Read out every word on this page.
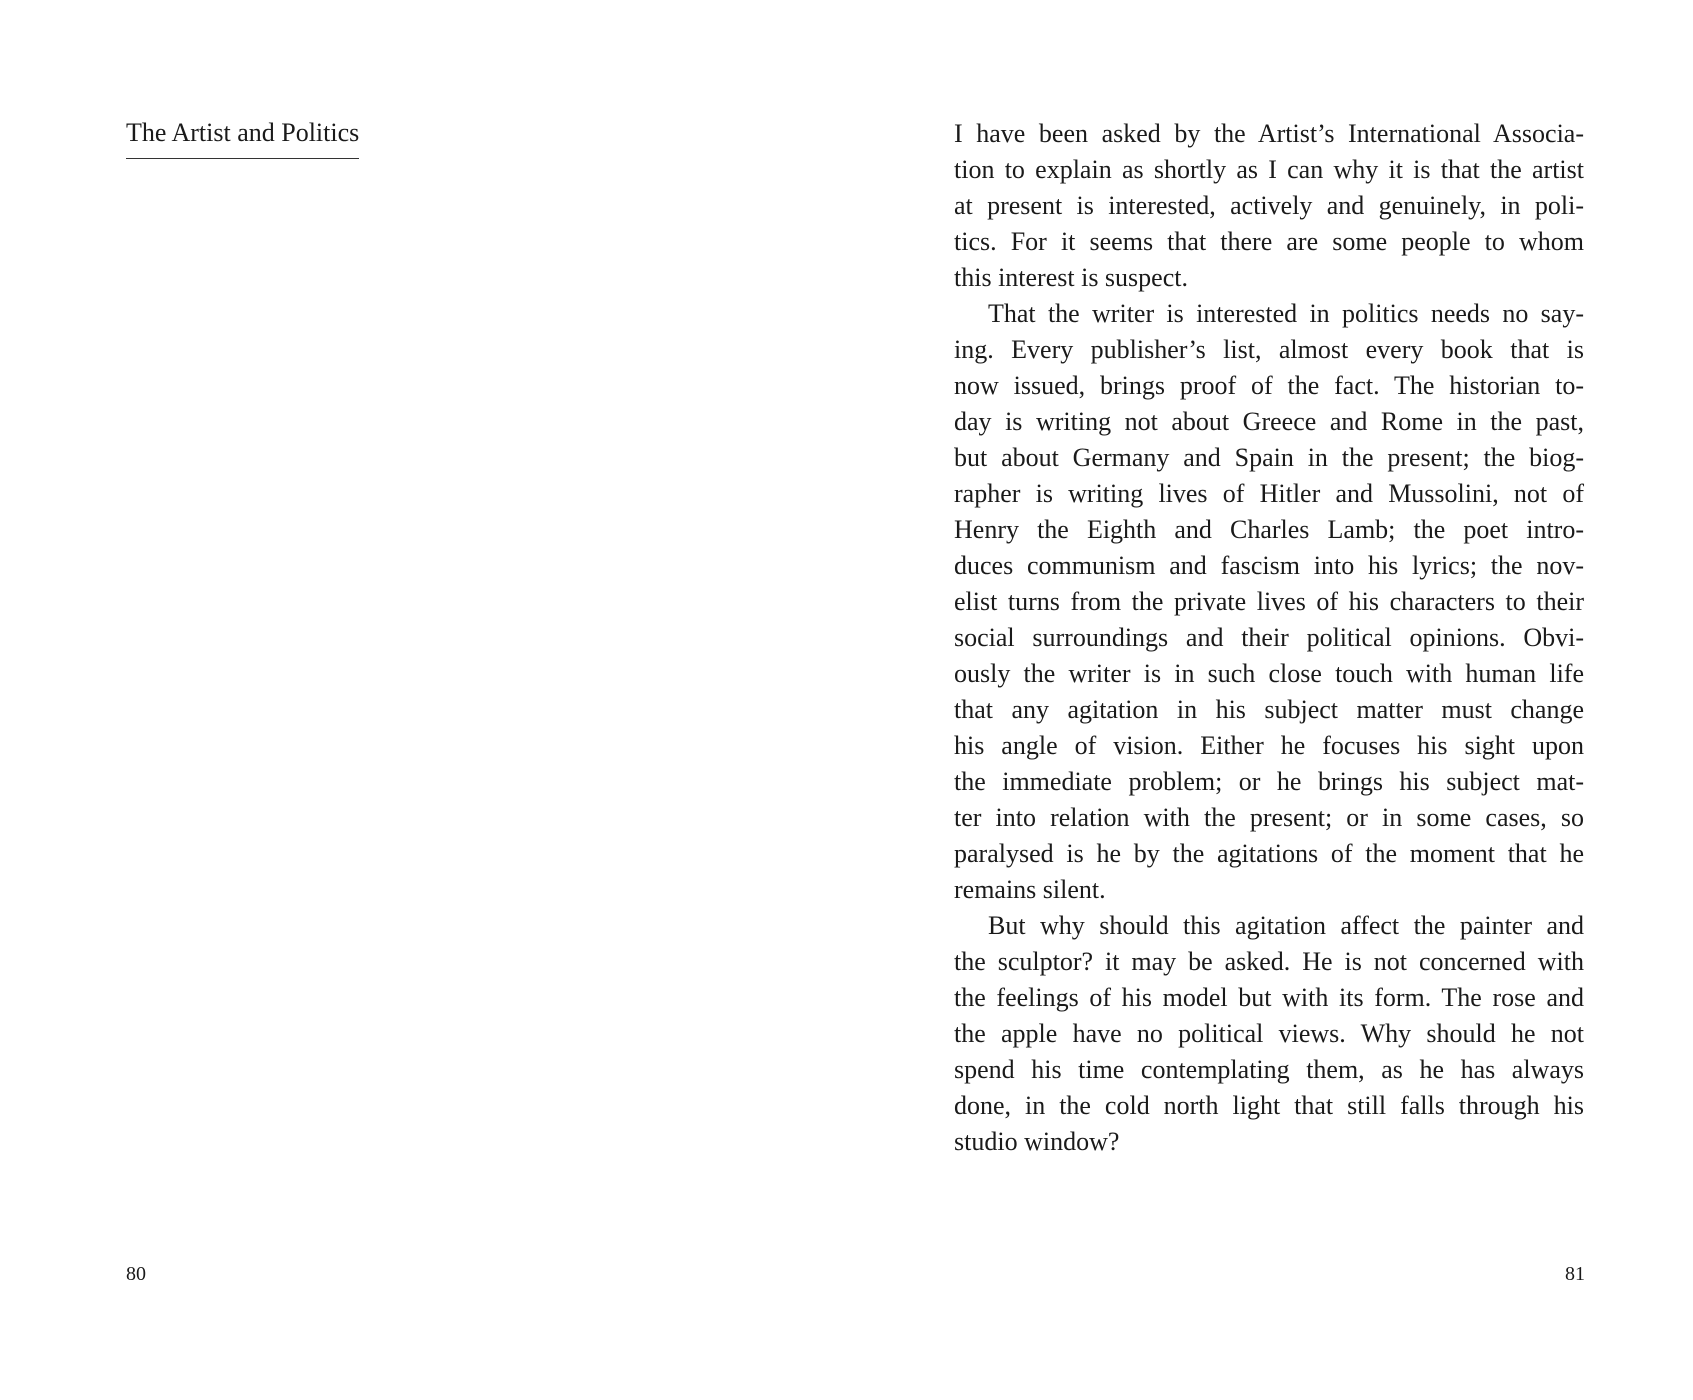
The Artist and Politics
80
I have been asked by the Artist’s International Associa-
tion to explain as shortly as I can why it is that the artist
at present is interested, actively and genuinely, in poli-
tics. For it seems that there are some people to whom
this interest is suspect.
That the writer is interested in politics needs no say-
ing. Every publisher’s list, almost every book that is
now issued, brings proof of the fact. The historian to-
day is writing not about Greece and Rome in the past,
but about Germany and Spain in the present; the biog-
rapher is writing lives of Hitler and Mussolini, not of
Henry the Eighth and Charles Lamb; the poet intro-
duces communism and fascism into his lyrics; the nov-
elist turns from the private lives of his characters to their
social surroundings and their political opinions. Obvi-
ously the writer is in such close touch with human life
that any agitation in his subject matter must change
his angle of vision. Either he focuses his sight upon
the immediate problem; or he brings his subject mat-
ter into relation with the present; or in some cases, so
paralysed is he by the agitations of the moment that he
remains silent.
But why should this agitation affect the painter and
the sculptor? it may be asked. He is not concerned with
the feelings of his model but with its form. The rose and
the apple have no political views. Why should he not
spend his time contemplating them, as he has always
done, in the cold north light that still falls through his
studio window?
81
